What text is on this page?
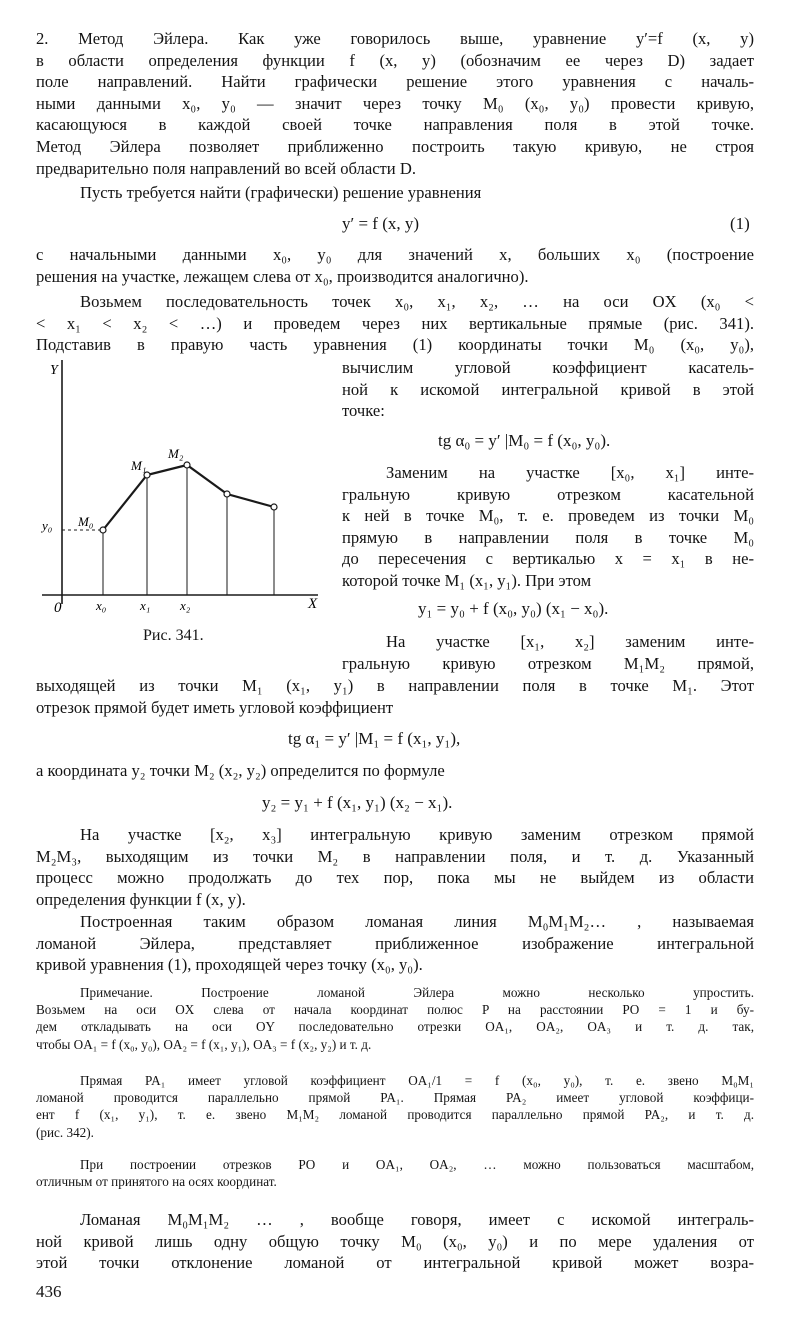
2. Метод Эйлера. Как уже говорилось выше, уравнение y′=f (x, y)
в области определения функции f (x, y) (обозначим ее через D) задает
поле направлений. Найти графически решение этого уравнения с началь-
ными данными x₀, y₀ — значит через точку M₀ (x₀, y₀) провести кривую,
касающуюся в каждой своей точке направления поля в этой точке.
Метод Эйлера позволяет приближенно построить такую кривую, не строя
предварительно поля направлений во всей области D.

Пусть требуется найти (графически) решение уравнения

y′ = f (x, y)	(1)

с начальными данными x₀, y₀ для значений x, больших x₀ (построение
решения на участке, лежащем слева от x₀, производится аналогично).

Возьмем последовательность точек x₀, x₁, x₂, … на оси OX (x₀ <
< x₁ < x₂ < …) и проведем через них вертикальные прямые (рис. 341).
Подставив в правую часть уравнения (1) координаты точки M₀ (x₀, y₀),

Y
X
0
M₀
M₁
M₂
y₀
x₀	x₁ x₂
Рис. 341.

вычислим угловой коэффициент касатель-
ной к искомой интегральной кривой в этой
точке:

tg α₀ = y′ |M₀ = f (x₀, y₀).

Заменим на участке [x₀, x₁] инте-
гральную кривую отрезком касательной
к ней в точке M₀, т. е. проведем из точки M₀
прямую в направлении поля в точке M₀
до пересечения с вертикалью x = x₁ в не-
которой точке M₁ (x₁, y₁). При этом

y₁ = y₀ + f (x₀, y₀) (x₁ − x₀).

На участке [x₁, x₂] заменим инте-
гральную кривую отрезком M₁M₂ прямой,

выходящей из точки M₁ (x₁, y₁) в направлении поля в точке M₁. Этот
отрезок прямой будет иметь угловой коэффициент

tg α₁ = y′ |M₁ = f (x₁, y₁),

а координата y₂ точки M₂ (x₂, y₂) определится по формуле

y₂ = y₁ + f (x₁, y₁) (x₂ − x₁).

На участке [x₂, x₃] интегральную кривую заменим отрезком прямой
M₂M₃, выходящим из точки M₂ в направлении поля, и т. д. Указанный
процесс можно продолжать до тех пор, пока мы не выйдем из области
определения функции f (x, y).

Построенная таким образом ломаная линия M₀M₁M₂… , называемая
ломаной Эйлера, представляет приближенное изображение интегральной
кривой уравнения (1), проходящей через точку (x₀, y₀).

Примечание. Построение ломаной Эйлера можно несколько упростить.
Возьмем на оси OX слева от начала координат полюс P на расстоянии PO = 1 и бу-
дем откладывать на оси OY последовательно отрезки OA₁, OA₂, OA₃ и т. д. так,
чтобы OA₁ = f (x₀, y₀), OA₂ = f (x₁, y₁), OA₃ = f (x₂, y₂) и т. д.

Прямая PA₁ имеет угловой коэффициент OA₁/1 = f (x₀, y₀), т. е. звено M₀M₁
ломаной проводится параллельно прямой PA₁. Прямая PA₂ имеет угловой коэффици-
ент f (x₁, y₁), т. е. звено M₁M₂ ломаной проводится параллельно прямой PA₂, и т. д.
(рис. 342).

При построении отрезков PO и OA₁, OA₂, … можно пользоваться масштабом,
отличным от принятого на осях координат.

Ломаная M₀M₁M₂ … , вообще говоря, имеет с искомой интеграль-
ной кривой лишь одну общую точку M₀ (x₀, y₀) и по мере удаления от
этой точки отклонение ломаной от интегральной кривой может возра-

436
